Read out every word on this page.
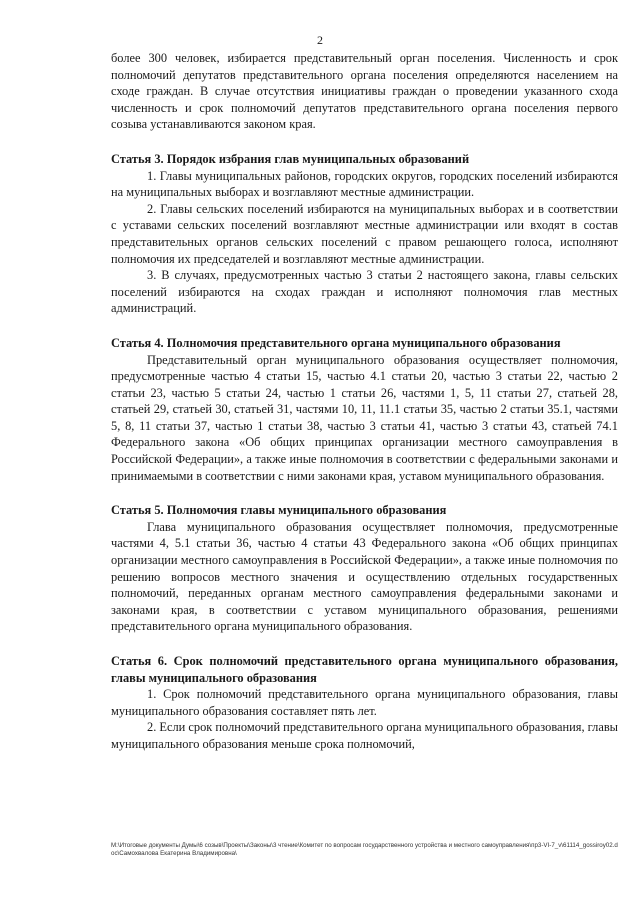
2

более 300 человек, избирается представительный орган поселения. Численность и срок полномочий депутатов представительного органа поселения определяются населением на сходе граждан. В случае отсутствия инициативы граждан о проведении указанного схода численность и срок полномочий депутатов представительного органа поселения первого созыва устанавливаются законом края.

Статья 3. Порядок избрания глав муниципальных образований

1. Главы муниципальных районов, городских округов, городских поселений избираются на муниципальных выборах и возглавляют местные администрации.

2. Главы сельских поселений избираются на муниципальных выборах и в соответствии с уставами сельских поселений возглавляют местные администрации или входят в состав представительных органов сельских поселений с правом решающего голоса, исполняют полномочия их председателей и возглавляют местные администрации.

3. В случаях, предусмотренных частью 3 статьи 2 настоящего закона, главы сельских поселений избираются на сходах граждан и исполняют полномочия глав местных администраций.

Статья 4. Полномочия представительного органа муниципального образования

Представительный орган муниципального образования осуществляет полномочия, предусмотренные частью 4 статьи 15, частью 4.1 статьи 20, частью 3 статьи 22, частью 2 статьи 23, частью 5 статьи 24, частью 1 статьи 26, частями 1, 5, 11 статьи 27, статьей 28, статьей 29, статьей 30, статьей 31, частями 10, 11, 11.1 статьи 35, частью 2 статьи 35.1, частями 5, 8, 11 статьи 37, частью 1 статьи 38, частью 3 статьи 41, частью 3 статьи 43, статьей 74.1 Федерального закона «Об общих принципах организации местного самоуправления в Российской Федерации», а также иные полномочия в соответствии с федеральными законами и принимаемыми в соответствии с ними законами края, уставом муниципального образования.

Статья 5. Полномочия главы муниципального образования

Глава муниципального образования осуществляет полномочия, предусмотренные частями 4, 5.1 статьи 36, частью 4 статьи 43 Федерального закона «Об общих принципах организации местного самоуправления в Российской Федерации», а также иные полномочия по решению вопросов местного значения и осуществлению отдельных государственных полномочий, переданных органам местного самоуправления федеральными законами и законами края, в соответствии с уставом муниципального образования, решениями представительного органа муниципального образования.

Статья 6. Срок полномочий представительного органа муниципального образования, главы муниципального образования

1. Срок полномочий представительного органа муниципального образования, главы муниципального образования составляет пять лет.

2. Если срок полномочий представительного органа муниципального образования, главы муниципального образования меньше срока полномочий,

M:\Итоговые документы Думы\6 созыв\Проекты\Законы\3 чтение\Комитет по вопросам государственного устройства и местного самоуправления\пр3-VI-7_v\61114_gossiroy02.doc\Самохвалова Екатерина Владимировна\
